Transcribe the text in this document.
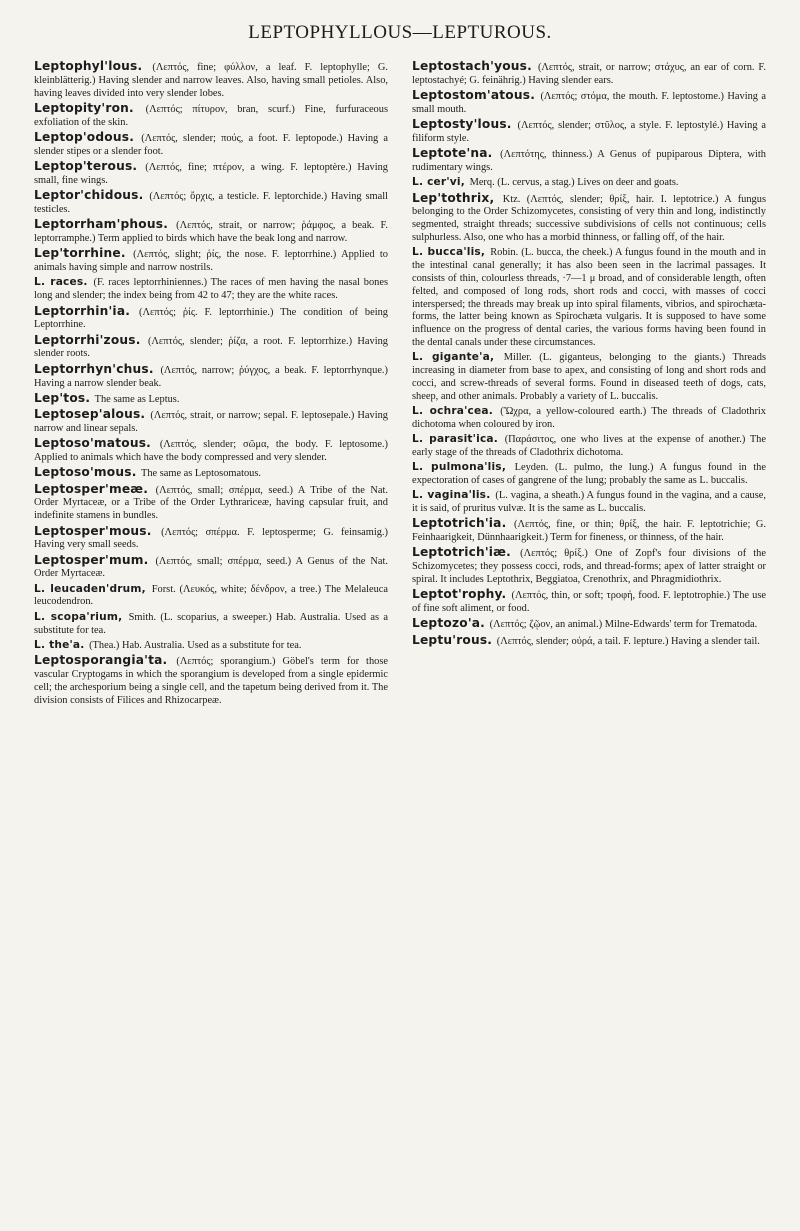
LEPTOPHYLLOUS—LEPTUROUS.

Leptophyl'lous. (Λεπτός, fine; φύλλον, a leaf. F. leptophylle; G. kleinblätterig.) Having slender and narrow leaves. Also, having small petioles. Also, having leaves divided into very slender lobes.

Leptopity'ron. (Λεπτός; πίτυρον, bran, scurf.) Fine, furfuraceous exfoliation of the skin.

Leptop'odous. (Λεπτός, slender; πούς, a foot. F. leptopode.) Having a slender stipes or a slender foot.

Leptop'terous. (Λεπτός, fine; πτέρον, a wing. F. leptoptère.) Having small, fine wings.

Leptor'chidous. (Λεπτός; ὄρχις, a testicle. F. leptorchide.) Having small testicles.

Leptorrham'phous. (Λεπτός, strait, or narrow; ῥάμφος, a beak. F. leptorramphe.) Term applied to birds which have the beak long and narrow.

Lep'torrhine. (Λεπτός, slight; ῥίς, the nose. F. leptorrhine.) Applied to animals having simple and narrow nostrils.

L. races. (F. races leptorrhiniennes.) The races of men having the nasal bones long and slender; the index being from 42 to 47; they are the white races.

Leptorrhin'ia. (Λεπτός; ῥίς. F. leptorrhinie.) The condition of being Leptorrhine.

Leptorrhi'zous. (Λεπτός, slender; ῥίζα, a root. F. leptorrhize.) Having slender roots.

Leptorrhyn'chus. (Λεπτός, narrow; ῥύγχος, a beak. F. leptorrhynque.) Having a narrow slender beak.

Lep'tos. The same as Leptus.

Leptosep'alous. (Λεπτός, strait, or narrow; sepal. F. leptosepale.) Having narrow and linear sepals.

Leptoso'matous. (Λεπτός, slender; σῶμα, the body. F. leptosome.) Applied to animals which have the body compressed and very slender.

Leptoso'mous. The same as Leptosomatous.

Leptosper'meæ. (Λεπτός, small; σπέρμα, seed.) A Tribe of the Nat. Order Myrtaceæ, or a Tribe of the Order Lythrariceæ, having capsular fruit, and indefinite stamens in bundles.

Leptosper'mous. (Λεπτός; σπέρμα. F. leptosperme; G. feinsamig.) Having very small seeds.

Leptosper'mum. (Λεπτός, small; σπέρμα, seed.) A Genus of the Nat. Order Myrtaceæ.

L. leucaden'drum, Forst. (Λευκός, white; δένδρον, a tree.) The Melaleuca leucodendron.

L. scopa'rium, Smith. (L. scoparius, a sweeper.) Hab. Australia. Used as a substitute for tea.

L. the'a. (Thea.) Hab. Australia. Used as a substitute for tea.

Leptosporangia'ta. (Λεπτός; sporangium.) Göbel's term for those vascular Cryptogams in which the sporangium is developed from a single epidermic cell; the archesporium being a single cell, and the tapetum being derived from it. The division consists of Filices and Rhizocarpeæ.

Leptostach'yous. (Λεπτός, strait, or narrow; στάχυς, an ear of corn. F. leptostachyé; G. feinährig.) Having slender ears.

Leptostom'atous. (Λεπτός; στόμα, the mouth. F. leptostome.) Having a small mouth.

Leptosty'lous. (Λεπτός, slender; στῦλος, a style. F. leptostylé.) Having a filiform style.

Leptote'na. (Λεπτότης, thinness.) A Genus of pupiparous Diptera, with rudimentary wings.

L. cer'vi, Merq. (L. cervus, a stag.) Lives on deer and goats.

Lep'tothrix, Ktz. (Λεπτός, slender; θρίξ, hair. I. leptotrice.) A fungus belonging to the Order Schizomycetes, consisting of very thin and long, indistinctly segmented, straight threads; successive subdivisions of cells not continuous; cells sulphurless. Also, one who has a morbid thinness, or falling off, of the hair.

L. bucca'lis, Robin. (L. bucca, the cheek.) A fungus found in the mouth and in the intestinal canal generally; it has also been seen in the lacrimal passages. It consists of thin, colourless threads, ·7—1 μ broad, and of considerable length, often felted, and composed of long rods, short rods and cocci, with masses of cocci interspersed; the threads may break up into spiral filaments, vibrios, and spirochæta-forms, the latter being known as Spirochæta vulgaris. It is supposed to have some influence on the progress of dental caries, the various forms having been found in the dental canals under these circumstances.

L. gigante'a, Miller. (L. giganteus, belonging to the giants.) Threads increasing in diameter from base to apex, and consisting of long and short rods and cocci, and screw-threads of several forms. Found in diseased teeth of dogs, cats, sheep, and other animals. Probably a variety of L. buccalis.

L. ochra'cea. (Ὤχρα, a yellow-coloured earth.) The threads of Cladothrix dichotoma when coloured by iron.

L. parasit'ica. (Παράσιτος, one who lives at the expense of another.) The early stage of the threads of Cladothrix dichotoma.

L. pulmona'lis, Leyden. (L. pulmo, the lung.) A fungus found in the expectoration of cases of gangrene of the lung; probably the same as L. buccalis.

L. vagina'lis. (L. vagina, a sheath.) A fungus found in the vagina, and a cause, it is said, of pruritus vulvæ. It is the same as L. buccalis.

Leptotrich'ia. (Λεπτός, fine, or thin; θρίξ, the hair. F. leptotrichie; G. Feinhaarigkeit, Dünnhaarigkeit.) Term for fineness, or thinness, of the hair.

Leptotrich'iæ. (Λεπτός; θρίξ.) One of Zopf's four divisions of the Schizomycetes; they possess cocci, rods, and thread-forms; apex of latter straight or spiral. It includes Leptothrix, Beggiatoa, Crenothrix, and Phragmidiothrix.

Leptot'rophy. (Λεπτός, thin, or soft; τροφή, food. F. leptotrophie.) The use of fine soft aliment, or food.

Leptozo'a. (Λεπτός; ζῷον, an animal.) Milne-Edwards' term for Trematoda.

Leptu'rous. (Λεπτός, slender; οὐρά, a tail. F. lepture.) Having a slender tail.
